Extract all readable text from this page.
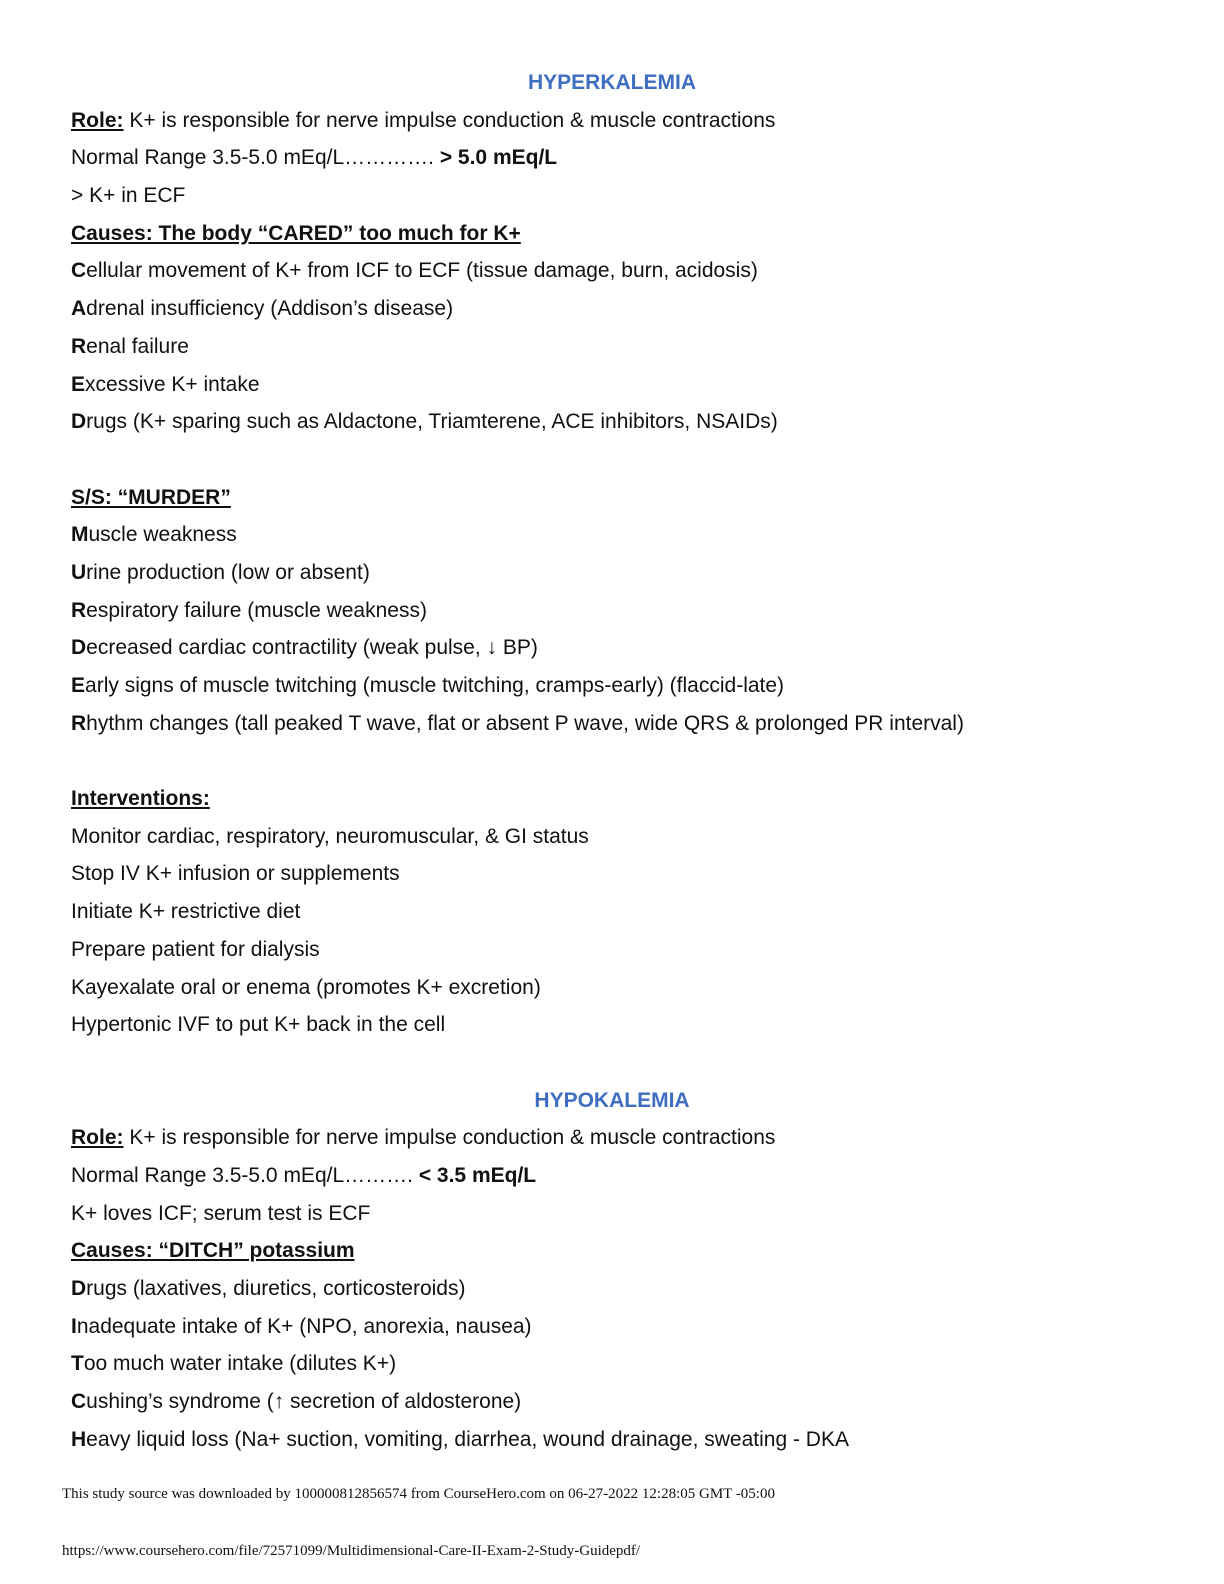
HYPERKALEMIA
Role: K+ is responsible for nerve impulse conduction & muscle contractions
Normal Range 3.5-5.0 mEq/L…………. > 5.0 mEq/L
> K+ in ECF
Causes: The body “CARED” too much for K+
Cellular movement of K+ from ICF to ECF (tissue damage, burn, acidosis)
Adrenal insufficiency (Addison’s disease)
Renal failure
Excessive K+ intake
Drugs (K+ sparing such as Aldactone, Triamterene, ACE inhibitors, NSAIDs)
S/S: “MURDER”
Muscle weakness
Urine production (low or absent)
Respiratory failure (muscle weakness)
Decreased cardiac contractility (weak pulse, ↓ BP)
Early signs of muscle twitching (muscle twitching, cramps-early) (flaccid-late)
Rhythm changes (tall peaked T wave, flat or absent P wave, wide QRS & prolonged PR interval)
Interventions:
Monitor cardiac, respiratory, neuromuscular, & GI status
Stop IV K+ infusion or supplements
Initiate K+ restrictive diet
Prepare patient for dialysis
Kayexalate oral or enema (promotes K+ excretion)
Hypertonic IVF to put K+ back in the cell
HYPOKALEMIA
Role: K+ is responsible for nerve impulse conduction & muscle contractions
Normal Range 3.5-5.0 mEq/L………. < 3.5 mEq/L
K+ loves ICF; serum test is ECF
Causes: “DITCH” potassium
Drugs (laxatives, diuretics, corticosteroids)
Inadequate intake of K+ (NPO, anorexia, nausea)
Too much water intake (dilutes K+)
Cushing’s syndrome (↑ secretion of aldosterone)
Heavy liquid loss (Na+ suction, vomiting, diarrhea, wound drainage, sweating - DKA
This study source was downloaded by 100000812856574 from CourseHero.com on 06-27-2022 12:28:05 GMT -05:00
https://www.coursehero.com/file/72571099/Multidimensional-Care-II-Exam-2-Study-Guidepdf/
